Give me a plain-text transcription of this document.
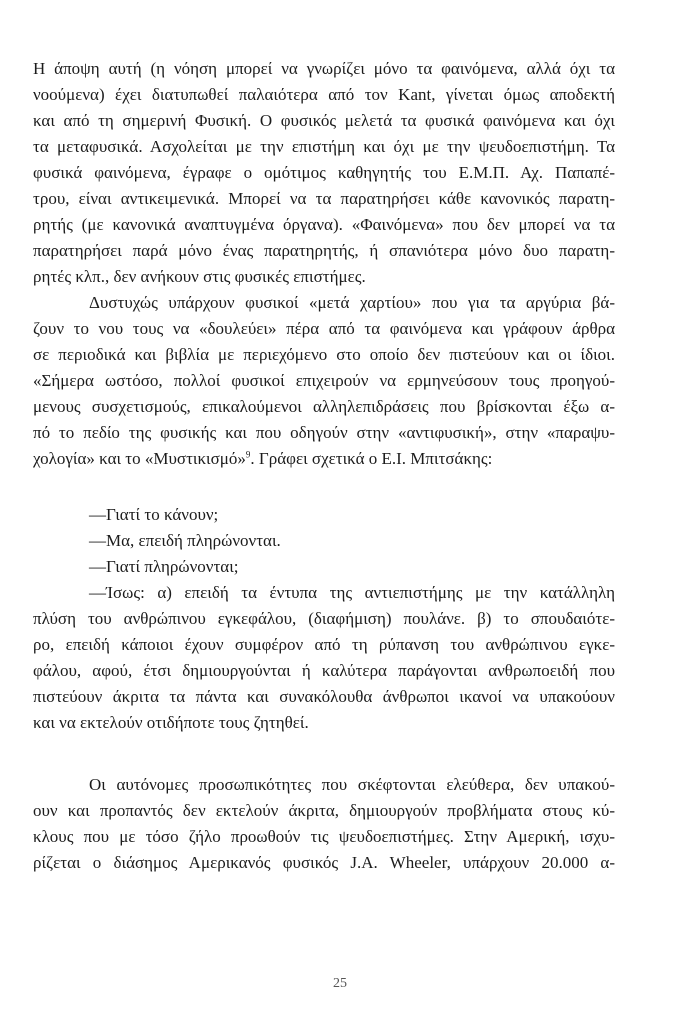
Η άποψη αυτή (η νόηση μπορεί να γνωρίζει μόνο τα φαινόμενα, αλλά όχι τα
νοούμενα) έχει διατυπωθεί παλαιότερα από τον Kant, γίνεται όμως αποδεκτή
και από τη σημερινή Φυσική. Ο φυσικός μελετά τα φυσικά φαινόμενα και όχι
τα μεταφυσικά. Ασχολείται με την επιστήμη και όχι με την ψευδοεπιστήμη. Τα
φυσικά φαινόμενα, έγραφε ο ομότιμος καθηγητής του Ε.Μ.Π. Αχ. Παπαπέ-
τρου, είναι αντικειμενικά. Μπορεί να τα παρατηρήσει κάθε κανονικός παρατη-
ρητής (με κανονικά αναπτυγμένα όργανα). «Φαινόμενα» που δεν μπορεί να τα
παρατηρήσει παρά μόνο ένας παρατηρητής, ή σπανιότερα μόνο δυο παρατη-
ρητές κλπ., δεν ανήκουν στις φυσικές επιστήμες.
Δυστυχώς υπάρχουν φυσικοί «μετά χαρτίου» που για τα αργύρια βά-
ζουν το νου τους να «δουλεύει» πέρα από τα φαινόμενα και γράφουν άρθρα
σε περιοδικά και βιβλία με περιεχόμενο στο οποίο δεν πιστεύουν και οι ίδιοι.
«Σήμερα ωστόσο, πολλοί φυσικοί επιχειρούν να ερμηνεύσουν τους προηγού-
μενους συσχετισμούς, επικαλούμενοι αλληλεπιδράσεις που βρίσκονται έξω α-
πό το πεδίο της φυσικής και που οδηγούν στην «αντιφυσική», στην «παραψυ-
χολογία» και το «Μυστικισμό»$^9$. Γράφει σχετικά ο Ε.Ι. Μπιτσάκης:
—Γιατί το κάνουν;
—Μα, επειδή πληρώνονται.
—Γιατί πληρώνονται;
—Ίσως: α) επειδή τα έντυπα της αντιεπιστήμης με την κατάλληλη
πλύση του ανθρώπινου εγκεφάλου, (διαφήμιση) πουλάνε. β) το σπουδαιότε-
ρο, επειδή κάποιοι έχουν συμφέρον από τη ρύπανση του ανθρώπινου εγκε-
φάλου, αφού, έτσι δημιουργούνται ή καλύτερα παράγονται ανθρωποειδή που
πιστεύουν άκριτα τα πάντα και συνακόλουθα άνθρωποι ικανοί να υπακούουν
και να εκτελούν οτιδήποτε τους ζητηθεί.
Οι αυτόνομες προσωπικότητες που σκέφτονται ελεύθερα, δεν υπακού-
ουν και προπαντός δεν εκτελούν άκριτα, δημιουργούν προβλήματα στους κύ-
κλους που με τόσο ζήλο προωθούν τις ψευδοεπιστήμες. Στην Αμερική, ισχυ-
ρίζεται ο διάσημος Αμερικανός φυσικός J.A. Wheeler, υπάρχουν 20.000 α-
25
